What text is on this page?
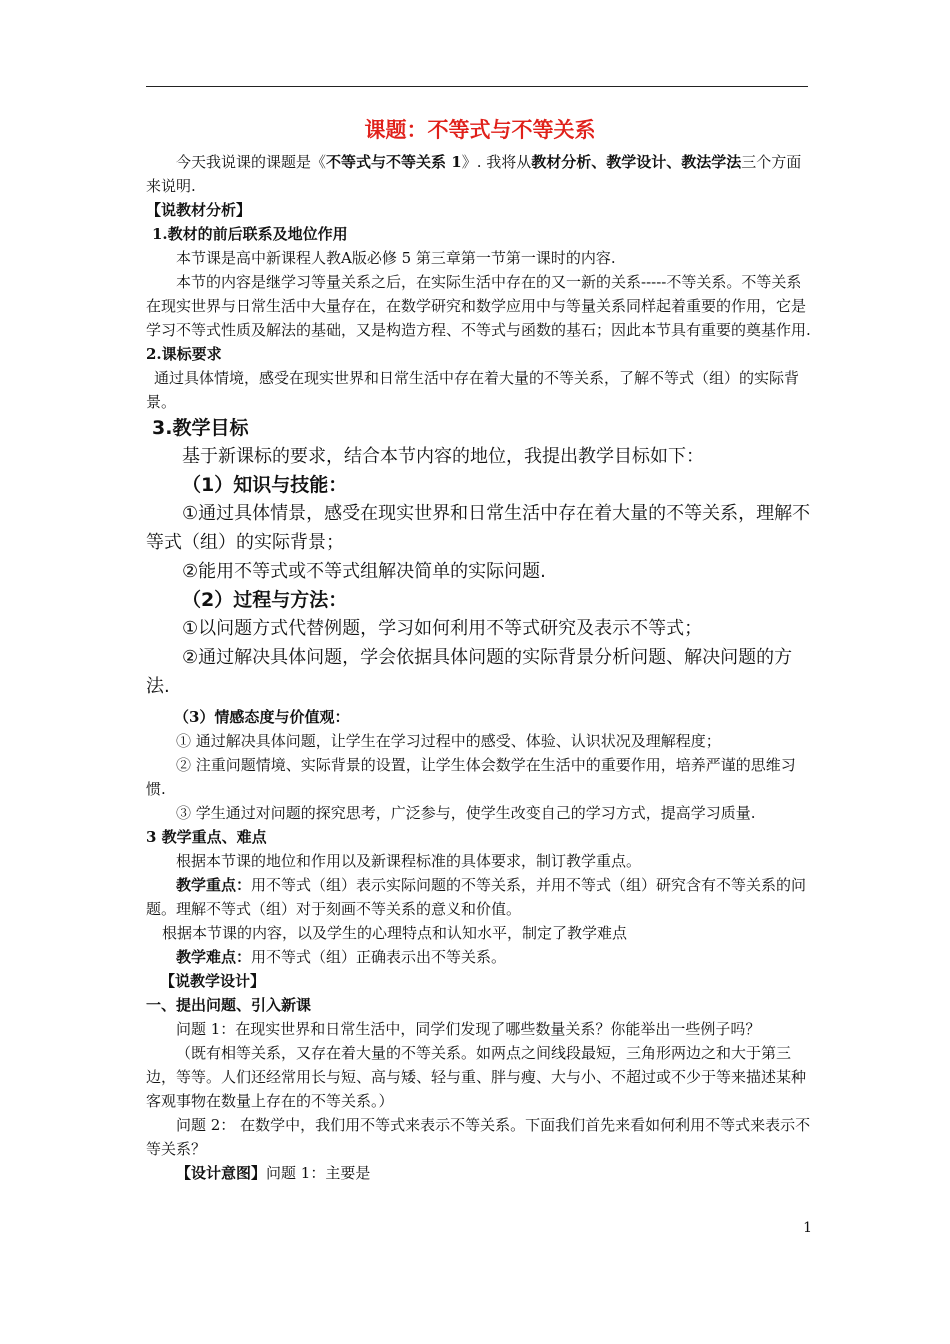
课题：不等式与不等关系

今天我说课的课题是《不等式与不等关系 1》. 我将从教材分析、教学设计、教法学法三个方面来说明.

【说教材分析】

1.教材的前后联系及地位作用

本节课是高中新课程人教A版必修 5 第三章第一节第一课时的内容.

本节的内容是继学习等量关系之后，在实际生活中存在的又一新的关系-----不等关系。不等关系在现实世界与日常生活中大量存在，在数学研究和数学应用中与等量关系同样起着重要的作用，它是学习不等式性质及解法的基础，又是构造方程、不等式与函数的基石；因此本节具有重要的奠基作用.

2.课标要求

通过具体情境，感受在现实世界和日常生活中存在着大量的不等关系，了解不等式（组）的实际背景。

3.教学目标

基于新课标的要求，结合本节内容的地位，我提出教学目标如下：

（1）知识与技能：

①通过具体情景，感受在现实世界和日常生活中存在着大量的不等关系，理解不等式（组）的实际背景；

②能用不等式或不等式组解决简单的实际问题.

（2）过程与方法：

①以问题方式代替例题，学习如何利用不等式研究及表示不等式；

②通过解决具体问题，学会依据具体问题的实际背景分析问题、解决问题的方法.

（3）情感态度与价值观：

① 通过解决具体问题，让学生在学习过程中的感受、体验、认识状况及理解程度；

② 注重问题情境、实际背景的设置，让学生体会数学在生活中的重要作用，培养严谨的思维习惯.

③ 学生通过对问题的探究思考，广泛参与，使学生改变自己的学习方式，提高学习质量.

3 教学重点、难点

根据本节课的地位和作用以及新课程标准的具体要求，制订教学重点。

教学重点：用不等式（组）表示实际问题的不等关系，并用不等式（组）研究含有不等关系的问题。理解不等式（组）对于刻画不等关系的意义和价值。

根据本节课的内容，以及学生的心理特点和认知水平，制定了教学难点

教学难点：用不等式（组）正确表示出不等关系。

【说教学设计】

一、提出问题、引入新课

问题 1：在现实世界和日常生活中，同学们发现了哪些数量关系？你能举出一些例子吗？

（既有相等关系，又存在着大量的不等关系。如两点之间线段最短，三角形两边之和大于第三边，等等。人们还经常用长与短、高与矮、轻与重、胖与瘦、大与小、不超过或不少于等来描述某种客观事物在数量上存在的不等关系。）

问题 2： 在数学中，我们用不等式来表示不等关系。下面我们首先来看如何利用不等式来表示不等关系？

【设计意图】问题 1：主要是

1
